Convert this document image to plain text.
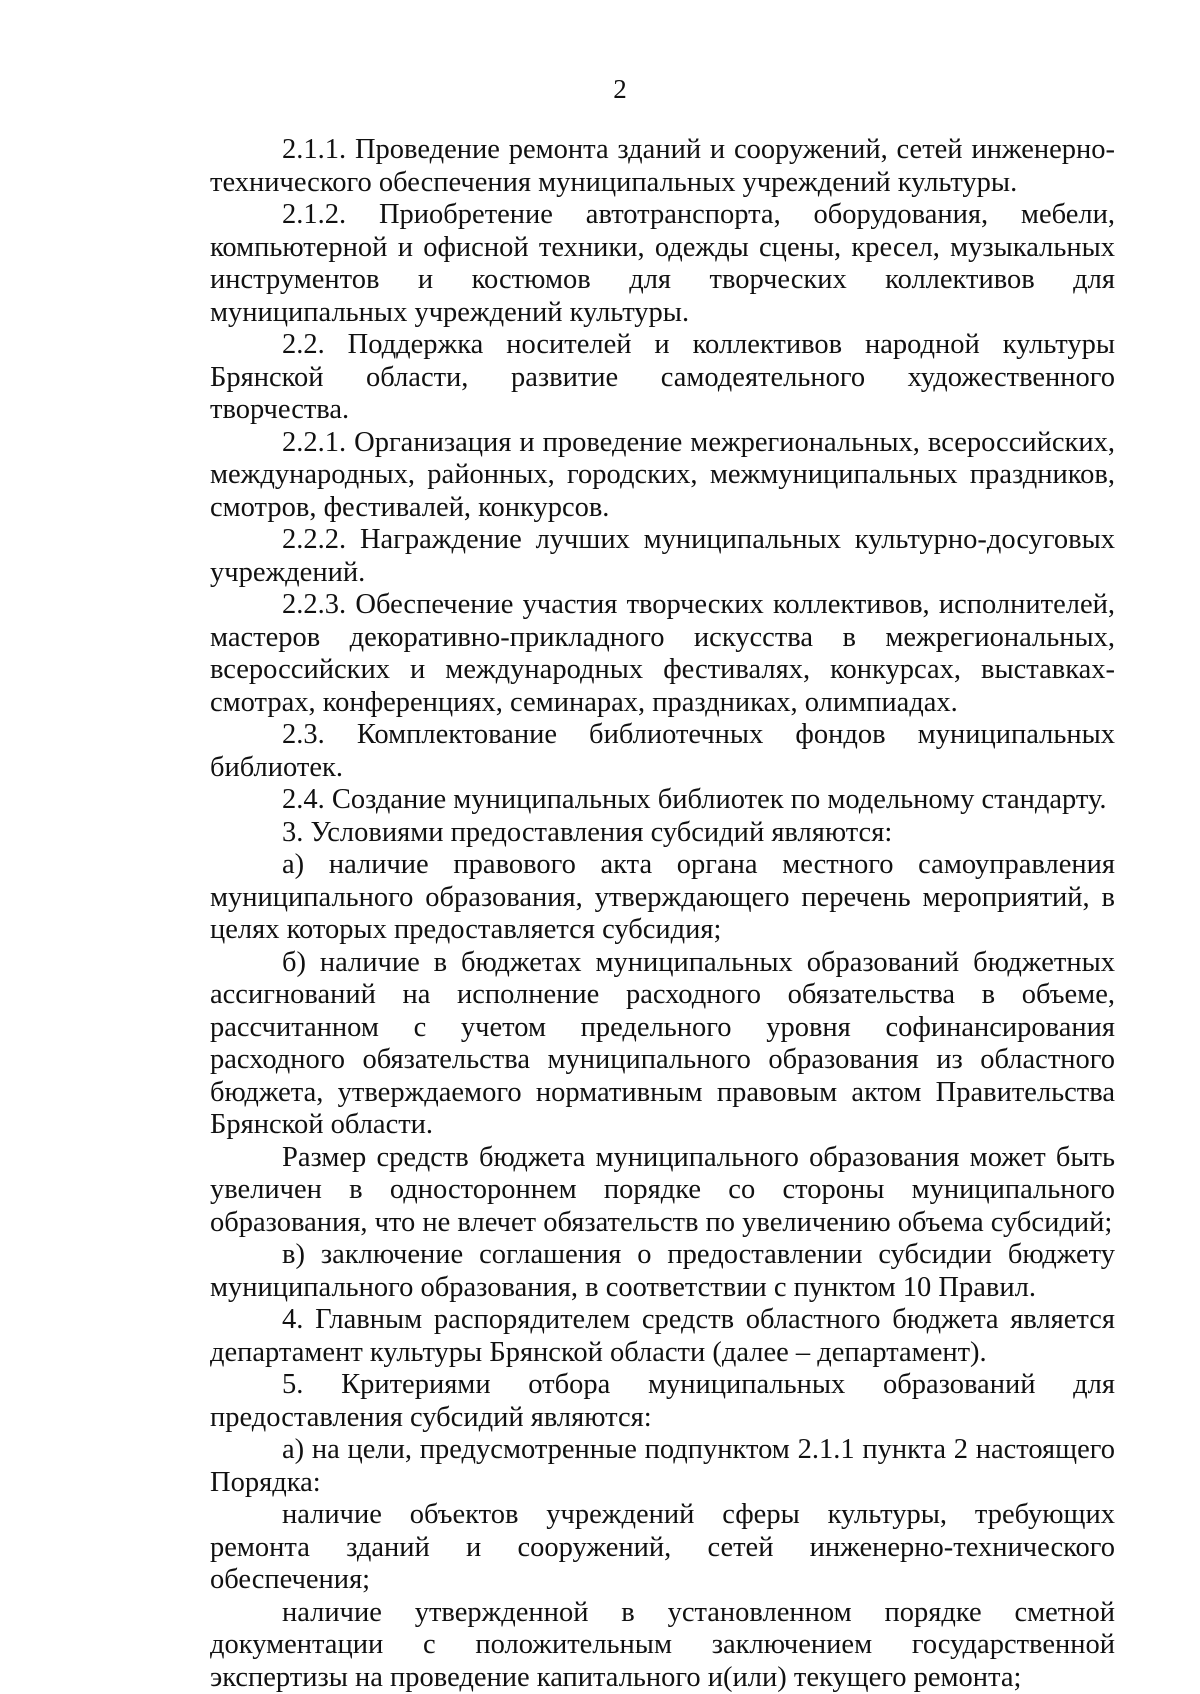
2

2.1.1. Проведение ремонта зданий и сооружений, сетей инженерно-технического обеспечения муниципальных учреждений культуры.

2.1.2. Приобретение автотранспорта, оборудования, мебели, компьютерной и офисной техники, одежды сцены, кресел, музыкальных инструментов и костюмов для творческих коллективов для муниципальных учреждений культуры.

2.2. Поддержка носителей и коллективов народной культуры Брянской области, развитие самодеятельного художественного творчества.

2.2.1. Организация и проведение межрегиональных, всероссийских, международных, районных, городских, межмуниципальных праздников, смотров, фестивалей, конкурсов.

2.2.2. Награждение лучших муниципальных культурно-досуговых учреждений.

2.2.3. Обеспечение участия творческих коллективов, исполнителей, мастеров декоративно-прикладного искусства в межрегиональных, всероссийских и международных фестивалях, конкурсах, выставках-смотрах, конференциях, семинарах, праздниках, олимпиадах.

2.3. Комплектование библиотечных фондов муниципальных библиотек.

2.4. Создание муниципальных библиотек по модельному стандарту.

3. Условиями предоставления субсидий являются:

а) наличие правового акта органа местного самоуправления муниципального образования, утверждающего перечень мероприятий, в целях которых предоставляется субсидия;

б) наличие в бюджетах муниципальных образований бюджетных ассигнований на исполнение расходного обязательства в объеме, рассчитанном с учетом предельного уровня софинансирования расходного обязательства муниципального образования из областного бюджета, утверждаемого нормативным правовым актом Правительства Брянской области.

Размер средств бюджета муниципального образования может быть увеличен в одностороннем порядке со стороны муниципального образования, что не влечет обязательств по увеличению объема субсидий;

в) заключение соглашения о предоставлении субсидии бюджету муниципального образования, в соответствии с пунктом 10 Правил.

4. Главным распорядителем средств областного бюджета является департамент культуры Брянской области (далее – департамент).

5. Критериями отбора муниципальных образований для предоставления субсидий являются:

а) на цели, предусмотренные подпунктом 2.1.1 пункта 2 настоящего Порядка:

наличие объектов учреждений сферы культуры, требующих ремонта зданий и сооружений, сетей инженерно-технического обеспечения;

наличие утвержденной в установленном порядке сметной документации с положительным заключением государственной экспертизы на проведение капитального и(или) текущего ремонта;
